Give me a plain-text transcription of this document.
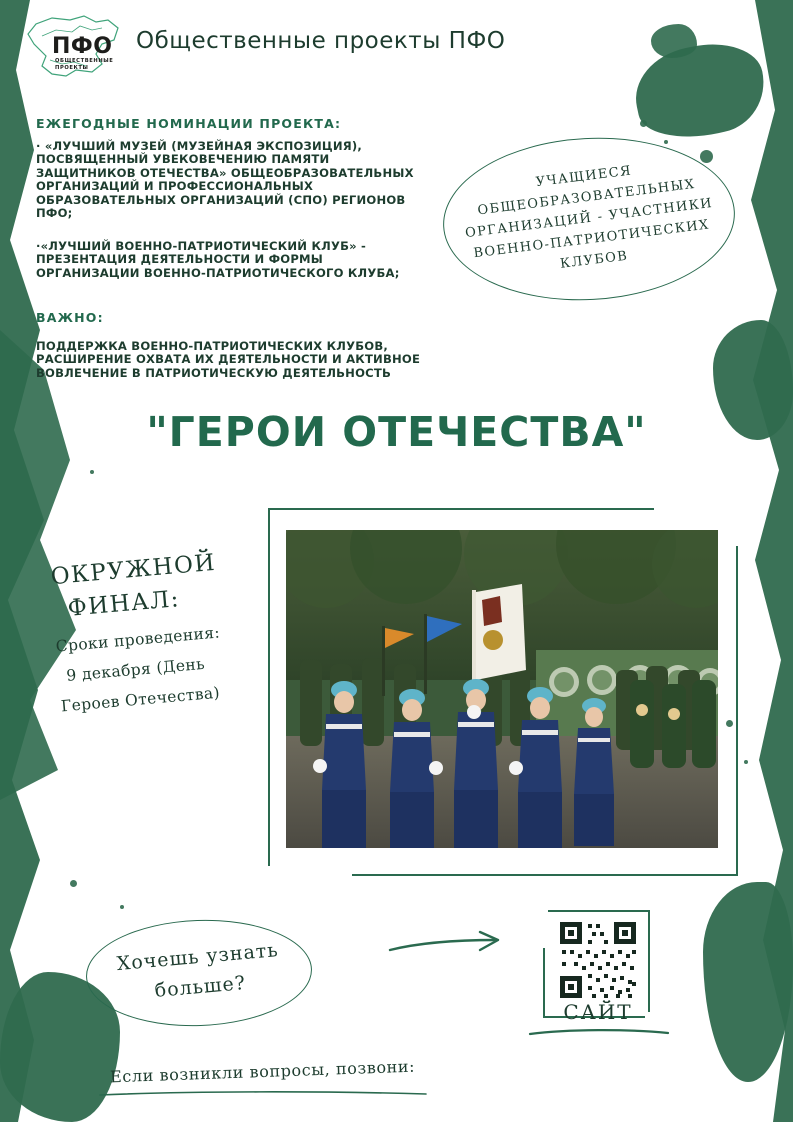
ПФО
ОБЩЕСТВЕННЫЕ ПРОЕКТЫ
Общественные проекты ПФО
ЕЖЕГОДНЫЕ НОМИНАЦИИ ПРОЕКТА:
· «ЛУЧШИЙ МУЗЕЙ (МУЗЕЙНАЯ ЭКСПОЗИЦИЯ), ПОСВЯЩЕННЫЙ УВЕКОВЕЧЕНИЮ ПАМЯТИ ЗАЩИТНИКОВ ОТЕЧЕСТВА» ОБЩЕОБРАЗОВАТЕЛЬНЫХ ОРГАНИЗАЦИЙ И ПРОФЕССИОНАЛЬНЫХ ОБРАЗОВАТЕЛЬНЫХ ОРГАНИЗАЦИЙ (СПО) РЕГИОНОВ ПФО;
·«ЛУЧШИЙ ВОЕННО-ПАТРИОТИЧЕСКИЙ КЛУБ» - ПРЕЗЕНТАЦИЯ ДЕЯТЕЛЬНОСТИ И ФОРМЫ ОРГАНИЗАЦИИ ВОЕННО-ПАТРИОТИЧЕСКОГО КЛУБА;
ВАЖНО:
ПОДДЕРЖКА ВОЕННО-ПАТРИОТИЧЕСКИХ КЛУБОВ, РАСШИРЕНИЕ ОХВАТА ИХ ДЕЯТЕЛЬНОСТИ И АКТИВНОЕ ВОВЛЕЧЕНИЕ В ПАТРИОТИЧЕСКУЮ ДЕЯТЕЛЬНОСТЬ
УЧАЩИЕСЯ ОБЩЕОБРАЗОВАТЕЛЬНЫХ ОРГАНИЗАЦИЙ - УЧАСТНИКИ ВОЕННО-ПАТРИОТИЧЕСКИХ КЛУБОВ
"ГЕРОИ ОТЕЧЕСТВА"
ОКРУЖНОЙ
ФИНАЛ:
Сроки проведения:
9 декабря (День
Героев Отечества)
Хочешь узнать
больше?
САЙТ
Если возникли вопросы, позвони:
